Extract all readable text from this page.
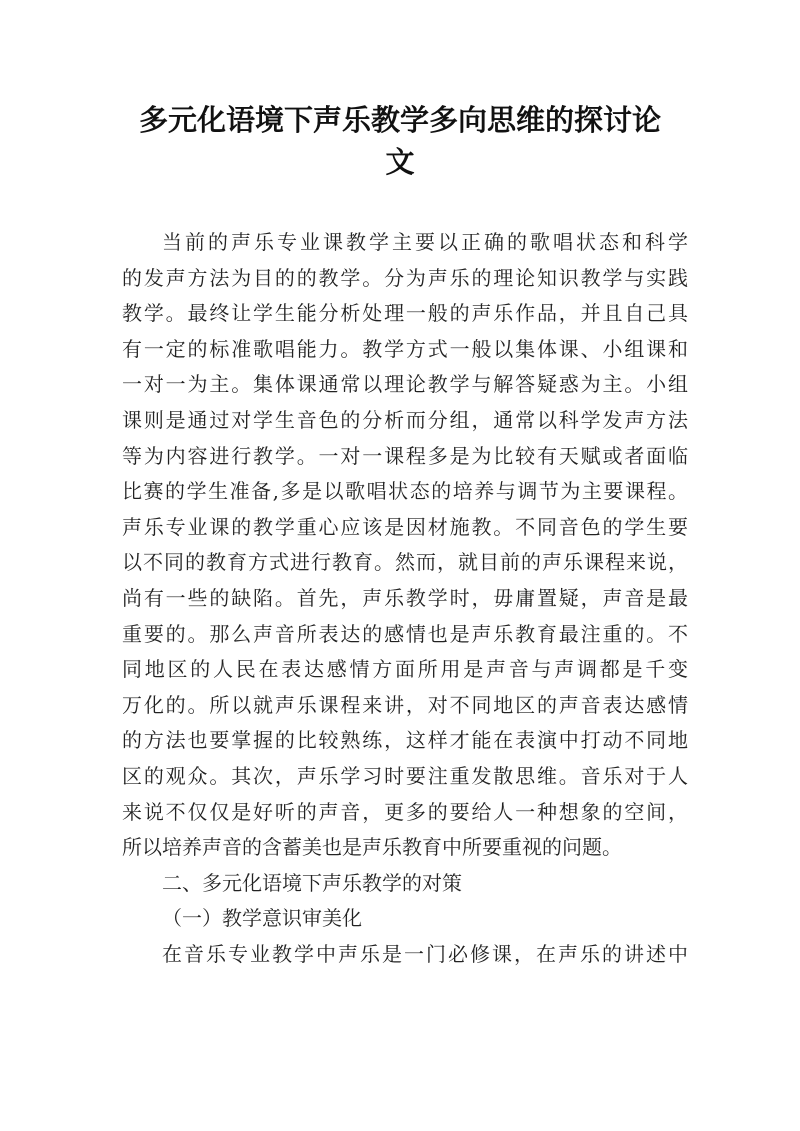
多元化语境下声乐教学多向思维的探讨论
文
当前的声乐专业课教学主要以正确的歌唱状态和科学
的发声方法为目的的教学。分为声乐的理论知识教学与实践
教学。最终让学生能分析处理一般的声乐作品，并且自己具
有一定的标准歌唱能力。教学方式一般以集体课、小组课和
一对一为主。集体课通常以理论教学与解答疑惑为主。小组
课则是通过对学生音色的分析而分组，通常以科学发声方法
等为内容进行教学。一对一课程多是为比较有天赋或者面临
比赛的学生准备,多是以歌唱状态的培养与调节为主要课程。
声乐专业课的教学重心应该是因材施教。不同音色的学生要
以不同的教育方式进行教育。然而，就目前的声乐课程来说，
尚有一些的缺陷。首先，声乐教学时，毋庸置疑，声音是最
重要的。那么声音所表达的感情也是声乐教育最注重的。不
同地区的人民在表达感情方面所用是声音与声调都是千变
万化的。所以就声乐课程来讲，对不同地区的声音表达感情
的方法也要掌握的比较熟练，这样才能在表演中打动不同地
区的观众。其次，声乐学习时要注重发散思维。音乐对于人
来说不仅仅是好听的声音，更多的要给人一种想象的空间，
所以培养声音的含蓄美也是声乐教育中所要重视的问题。
二、多元化语境下声乐教学的对策
（一）教学意识审美化
在音乐专业教学中声乐是一门必修课，在声乐的讲述中
